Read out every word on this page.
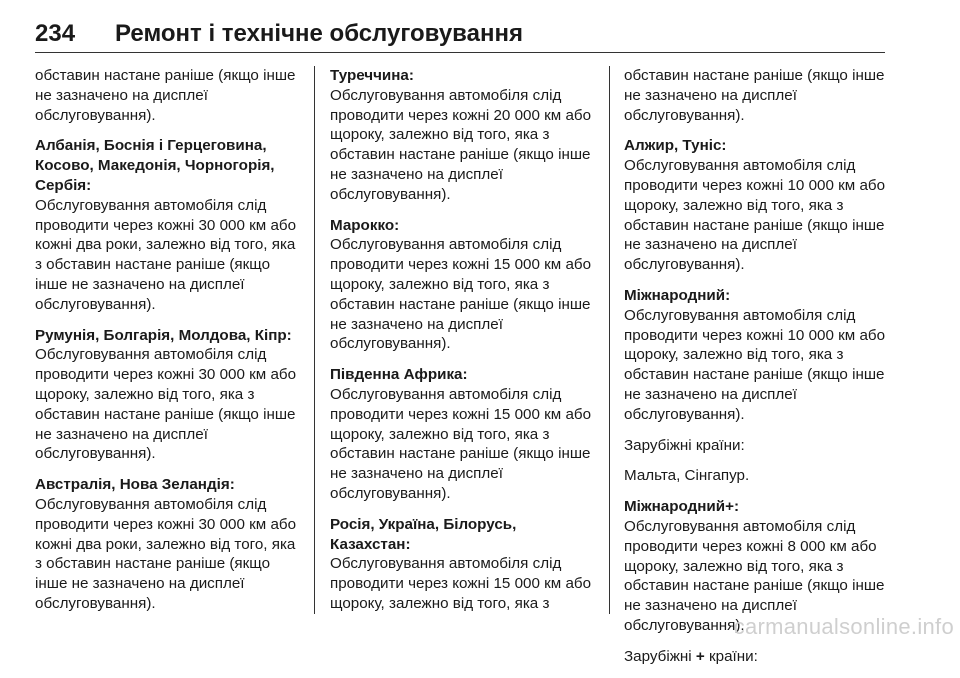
234 Ремонт і технічне обслуговування

обставин настане раніше (якщо інше не зазначено на дисплеї обслуговування).

Албанія, Боснія і Герцеговина, Косово, Македонія, Чорногорія, Сербія:
Обслуговування автомобіля слід проводити через кожні 30 000 км або кожні два роки, залежно від того, яка з обставин настане раніше (якщо інше не зазначено на дисплеї обслуговування).

Румунія, Болгарія, Молдова, Кіпр:
Обслуговування автомобіля слід проводити через кожні 30 000 км або щороку, залежно від того, яка з обставин настане раніше (якщо інше не зазначено на дисплеї обслуговування).

Австралія, Нова Зеландія:
Обслуговування автомобіля слід проводити через кожні 30 000 км або кожні два роки, залежно від того, яка з обставин настане раніше (якщо інше не зазначено на дисплеї обслуговування).

Туреччина:
Обслуговування автомобіля слід проводити через кожні 20 000 км або щороку, залежно від того, яка з обставин настане раніше (якщо інше не зазначено на дисплеї обслуговування).

Марокко:
Обслуговування автомобіля слід проводити через кожні 15 000 км або щороку, залежно від того, яка з обставин настане раніше (якщо інше не зазначено на дисплеї обслуговування).

Південна Африка:
Обслуговування автомобіля слід проводити через кожні 15 000 км або щороку, залежно від того, яка з обставин настане раніше (якщо інше не зазначено на дисплеї обслуговування).

Росія, Україна, Білорусь, Казахстан:
Обслуговування автомобіля слід проводити через кожні 15 000 км або щороку, залежно від того, яка з

обставин настане раніше (якщо інше не зазначено на дисплеї обслуговування).

Алжир, Туніс:
Обслуговування автомобіля слід проводити через кожні 10 000 км або щороку, залежно від того, яка з обставин настане раніше (якщо інше не зазначено на дисплеї обслуговування).

Міжнародний:
Обслуговування автомобіля слід проводити через кожні 10 000 км або щороку, залежно від того, яка з обставин настане раніше (якщо інше не зазначено на дисплеї обслуговування).

Зарубіжні країни:

Мальта, Сінгапур.

Міжнародний+:
Обслуговування автомобіля слід проводити через кожні 8 000 км або щороку, залежно від того, яка з обставин настане раніше (якщо інше не зазначено на дисплеї обслуговування).

Зарубіжні + країни:

carmanualsonline.info
